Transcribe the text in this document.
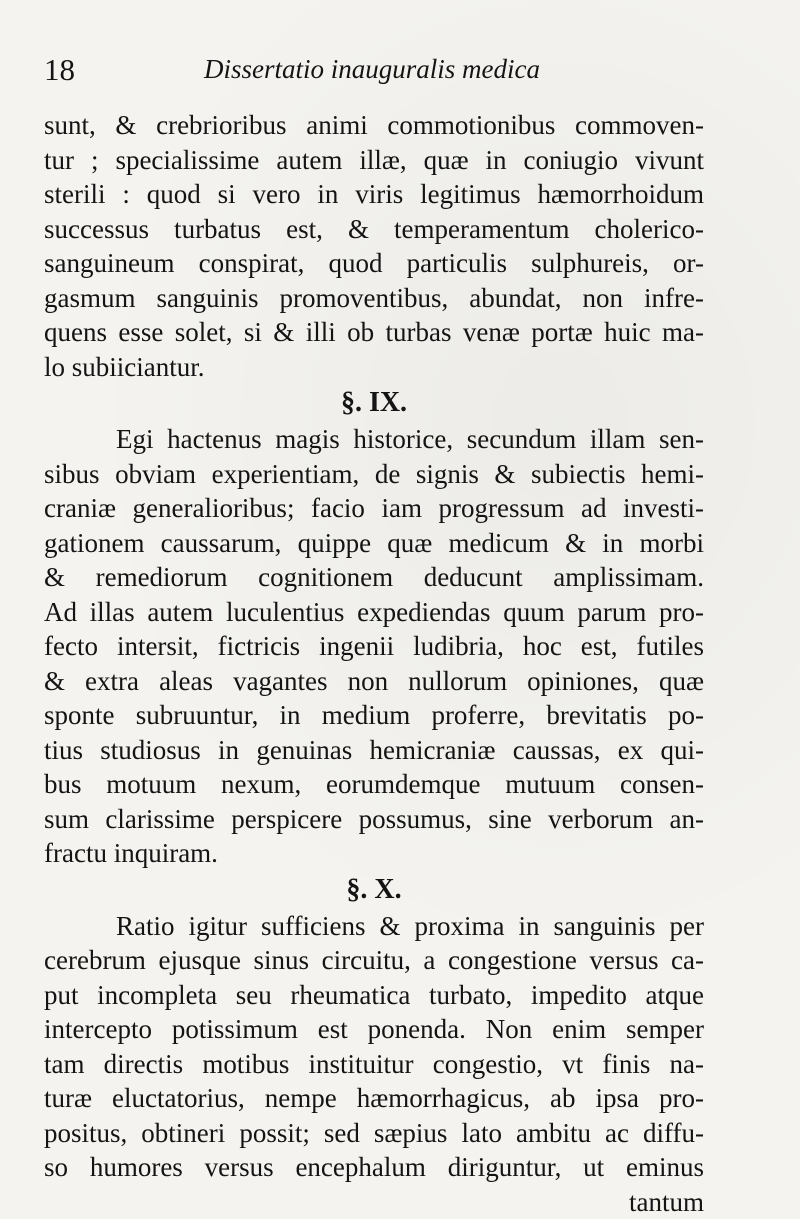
18	Dissertatio inauguralis medica
sunt, & crebrioribus animi commotionibus commoven-
tur ; specialissime autem illæ, quæ in coniugio vivunt
sterili : quod si vero in viris legitimus hæmorrhoidum
successus turbatus est, & temperamentum cholerico-
sanguineum conspirat, quod particulis sulphureis, or-
gasmum sanguinis promoventibus, abundat, non infre-
quens esse solet, si & illi ob turbas venæ portæ huic ma-
lo subiiciantur.
§. IX.
Egi hactenus magis historice, secundum illam sen-
sibus obviam experientiam, de signis & subiectis hemi-
craniæ generalioribus; facio iam progressum ad investi-
gationem caussarum, quippe quæ medicum & in morbi
& remediorum cognitionem deducunt amplissimam.
Ad illas autem luculentius expediendas quum parum pro-
fecto intersit, fictricis ingenii ludibria, hoc est, futiles
& extra aleas vagantes non nullorum opiniones, quæ
sponte subruuntur, in medium proferre, brevitatis po-
tius studiosus in genuinas hemicraniæ caussas, ex qui-
bus motuum nexum, eorumdemque mutuum consen-
sum clarissime perspicere possumus, sine verborum an-
fractu inquiram.
§. X.
Ratio igitur sufficiens & proxima in sanguinis per
cerebrum ejusque sinus circuitu, a congestione versus ca-
put incompleta seu rheumatica turbato, impedito atque
intercepto potissimum est ponenda. Non enim semper
tam directis motibus instituitur congestio, vt finis na-
turæ eluctatorius, nempe hæmorrhagicus, ab ipsa pro-
positus, obtineri possit; sed sæpius lato ambitu ac diffu-
so humores versus encephalum diriguntur, ut eminus
tantum
